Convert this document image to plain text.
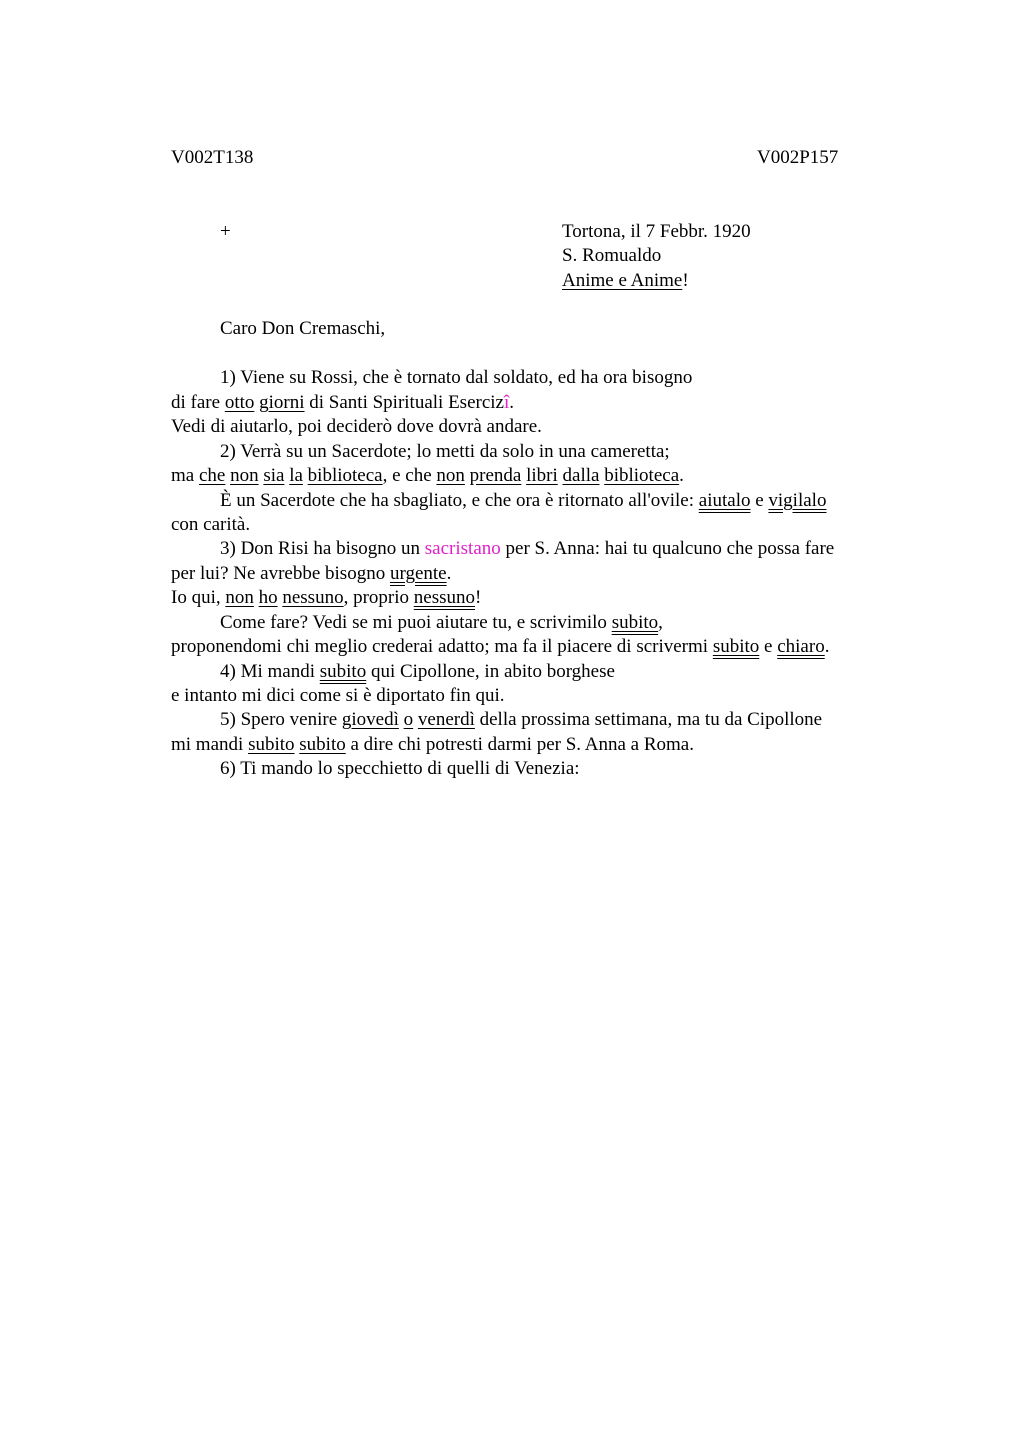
V002T138	V002P157
+	Tortona, il 7 Febbr. 1920
S. Romualdo
Anime e Anime!
Caro Don Cremaschi,
1) Viene su Rossi, che è tornato dal soldato, ed ha ora bisogno
di fare otto giorni di Santi Spirituali Esercizî.
Vedi di aiutarlo, poi deciderò dove dovrà andare.
2) Verrà su un Sacerdote; lo metti da solo in una cameretta;
ma che non sia la biblioteca, e che non prenda libri dalla biblioteca.
È un Sacerdote che ha sbagliato, e che ora è ritornato all'ovile: aiutalo e vigilalo
con carità.
3) Don Risi ha bisogno un sacristano per S. Anna: hai tu qualcuno che possa fare
per lui? Ne avrebbe bisogno urgente.
Io qui, non ho nessuno, proprio nessuno!
Come fare? Vedi se mi puoi aiutare tu, e scrivimilo subito,
proponendomi chi meglio crederai adatto; ma fa il piacere di scrivermi subito e chiaro.
4) Mi mandi subito qui Cipollone, in abito borghese
e intanto mi dici come si è diportato fin qui.
5) Spero venire giovedì o venerdì della prossima settimana, ma tu da Cipollone
mi mandi subito subito a dire chi potresti darmi per S. Anna a Roma.
6) Ti mando lo specchietto di quelli di Venezia:
